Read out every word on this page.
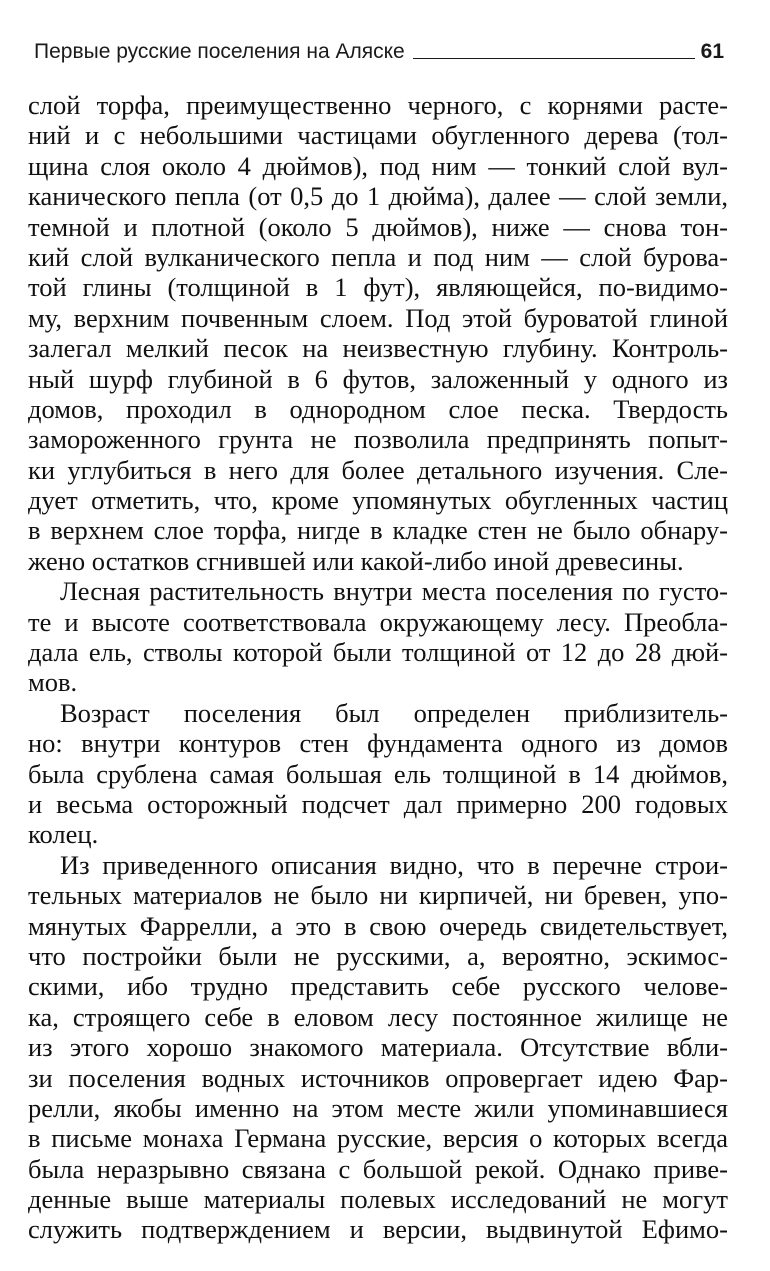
Первые русские поселения на Аляске	61
слой торфа, преимущественно черного, с корнями расте-
ний и с небольшими частицами обугленного дерева (тол-
щина слоя около 4 дюймов), под ним — тонкий слой вул-
канического пепла (от 0,5 до 1 дюйма), далее — слой земли,
темной и плотной (около 5 дюймов), ниже — снова тон-
кий слой вулканического пепла и под ним — слой бурова-
той глины (толщиной в 1 фут), являющейся, по-видимо-
му, верхним почвенным слоем. Под этой буроватой глиной
залегал мелкий песок на неизвестную глубину. Контроль-
ный шурф глубиной в 6 футов, заложенный у одного из
домов, проходил в однородном слое песка. Твердость
замороженного грунта не позволила предпринять попыт-
ки углубиться в него для более детального изучения. Сле-
дует отметить, что, кроме упомянутых обугленных частиц
в верхнем слое торфа, нигде в кладке стен не было обнару-
жено остатков сгнившей или какой-либо иной древесины.
Лесная растительность внутри места поселения по густо-
те и высоте соответствовала окружающему лесу. Преобла-
дала ель, стволы которой были толщиной от 12 до 28 дюй-
мов.
Возраст поселения был определен приблизитель-
но: внутри контуров стен фундамента одного из домов
была срублена самая большая ель толщиной в 14 дюймов,
и весьма осторожный подсчет дал примерно 200 годовых
колец.
Из приведенного описания видно, что в перечне строи-
тельных материалов не было ни кирпичей, ни бревен, упо-
мянутых Фаррелли, а это в свою очередь свидетельствует,
что постройки были не русскими, а, вероятно, эскимос-
скими, ибо трудно представить себе русского челове-
ка, строящего себе в еловом лесу постоянное жилище не
из этого хорошо знакомого материала. Отсутствие вбли-
зи поселения водных источников опровергает идею Фар-
релли, якобы именно на этом месте жили упоминавшиеся
в письме монаха Германа русские, версия о которых всегда
была неразрывно связана с большой рекой. Однако приве-
денные выше материалы полевых исследований не могут
служить подтверждением и версии, выдвинутой Ефимо-
